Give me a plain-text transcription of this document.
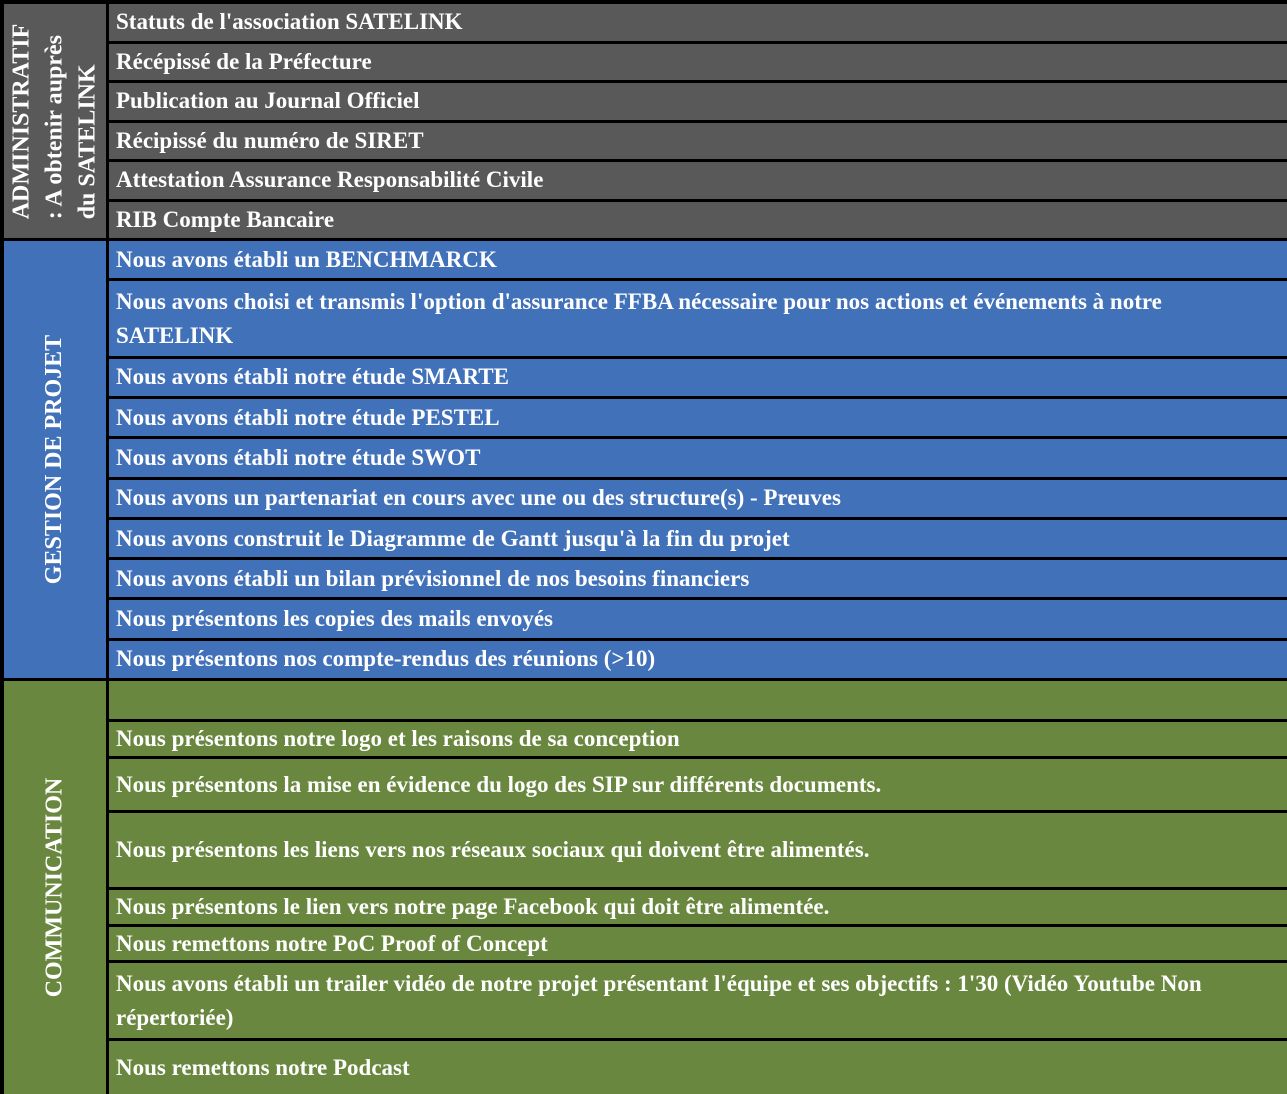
ADMINISTRATIF : A obtenir auprès du SATELINK
Statuts de l'association SATELINK
Récépissé de la Préfecture
Publication au Journal Officiel
Récipissé du numéro de SIRET
Attestation Assurance Responsabilité Civile
RIB Compte Bancaire
GESTION DE PROJET
Nous avons établi un BENCHMARCK
Nous avons choisi et transmis l'option d'assurance FFBA nécessaire pour nos actions et événements à notre SATELINK
Nous avons établi notre étude SMARTE
Nous avons établi notre étude PESTEL
Nous avons établi notre étude SWOT
Nous avons un partenariat en cours avec une ou des structure(s) - Preuves
Nous avons construit le Diagramme de Gantt jusqu'à la fin du projet
Nous avons établi un bilan prévisionnel de nos besoins financiers
Nous présentons les copies des mails envoyés
Nous présentons nos compte-rendus des réunions (>10)
COMMUNICATION
Nous présentons notre logo et les raisons de sa conception
Nous présentons la mise en évidence du logo des SIP sur différents documents.
Nous présentons les liens vers nos réseaux sociaux qui doivent être alimentés.
Nous présentons le lien vers notre page Facebook qui doit être alimentée.
Nous remettons notre PoC Proof of Concept
Nous avons établi un trailer vidéo de notre projet présentant l'équipe et ses objectifs : 1'30 (Vidéo Youtube Non répertoriée)
Nous remettons notre Podcast
